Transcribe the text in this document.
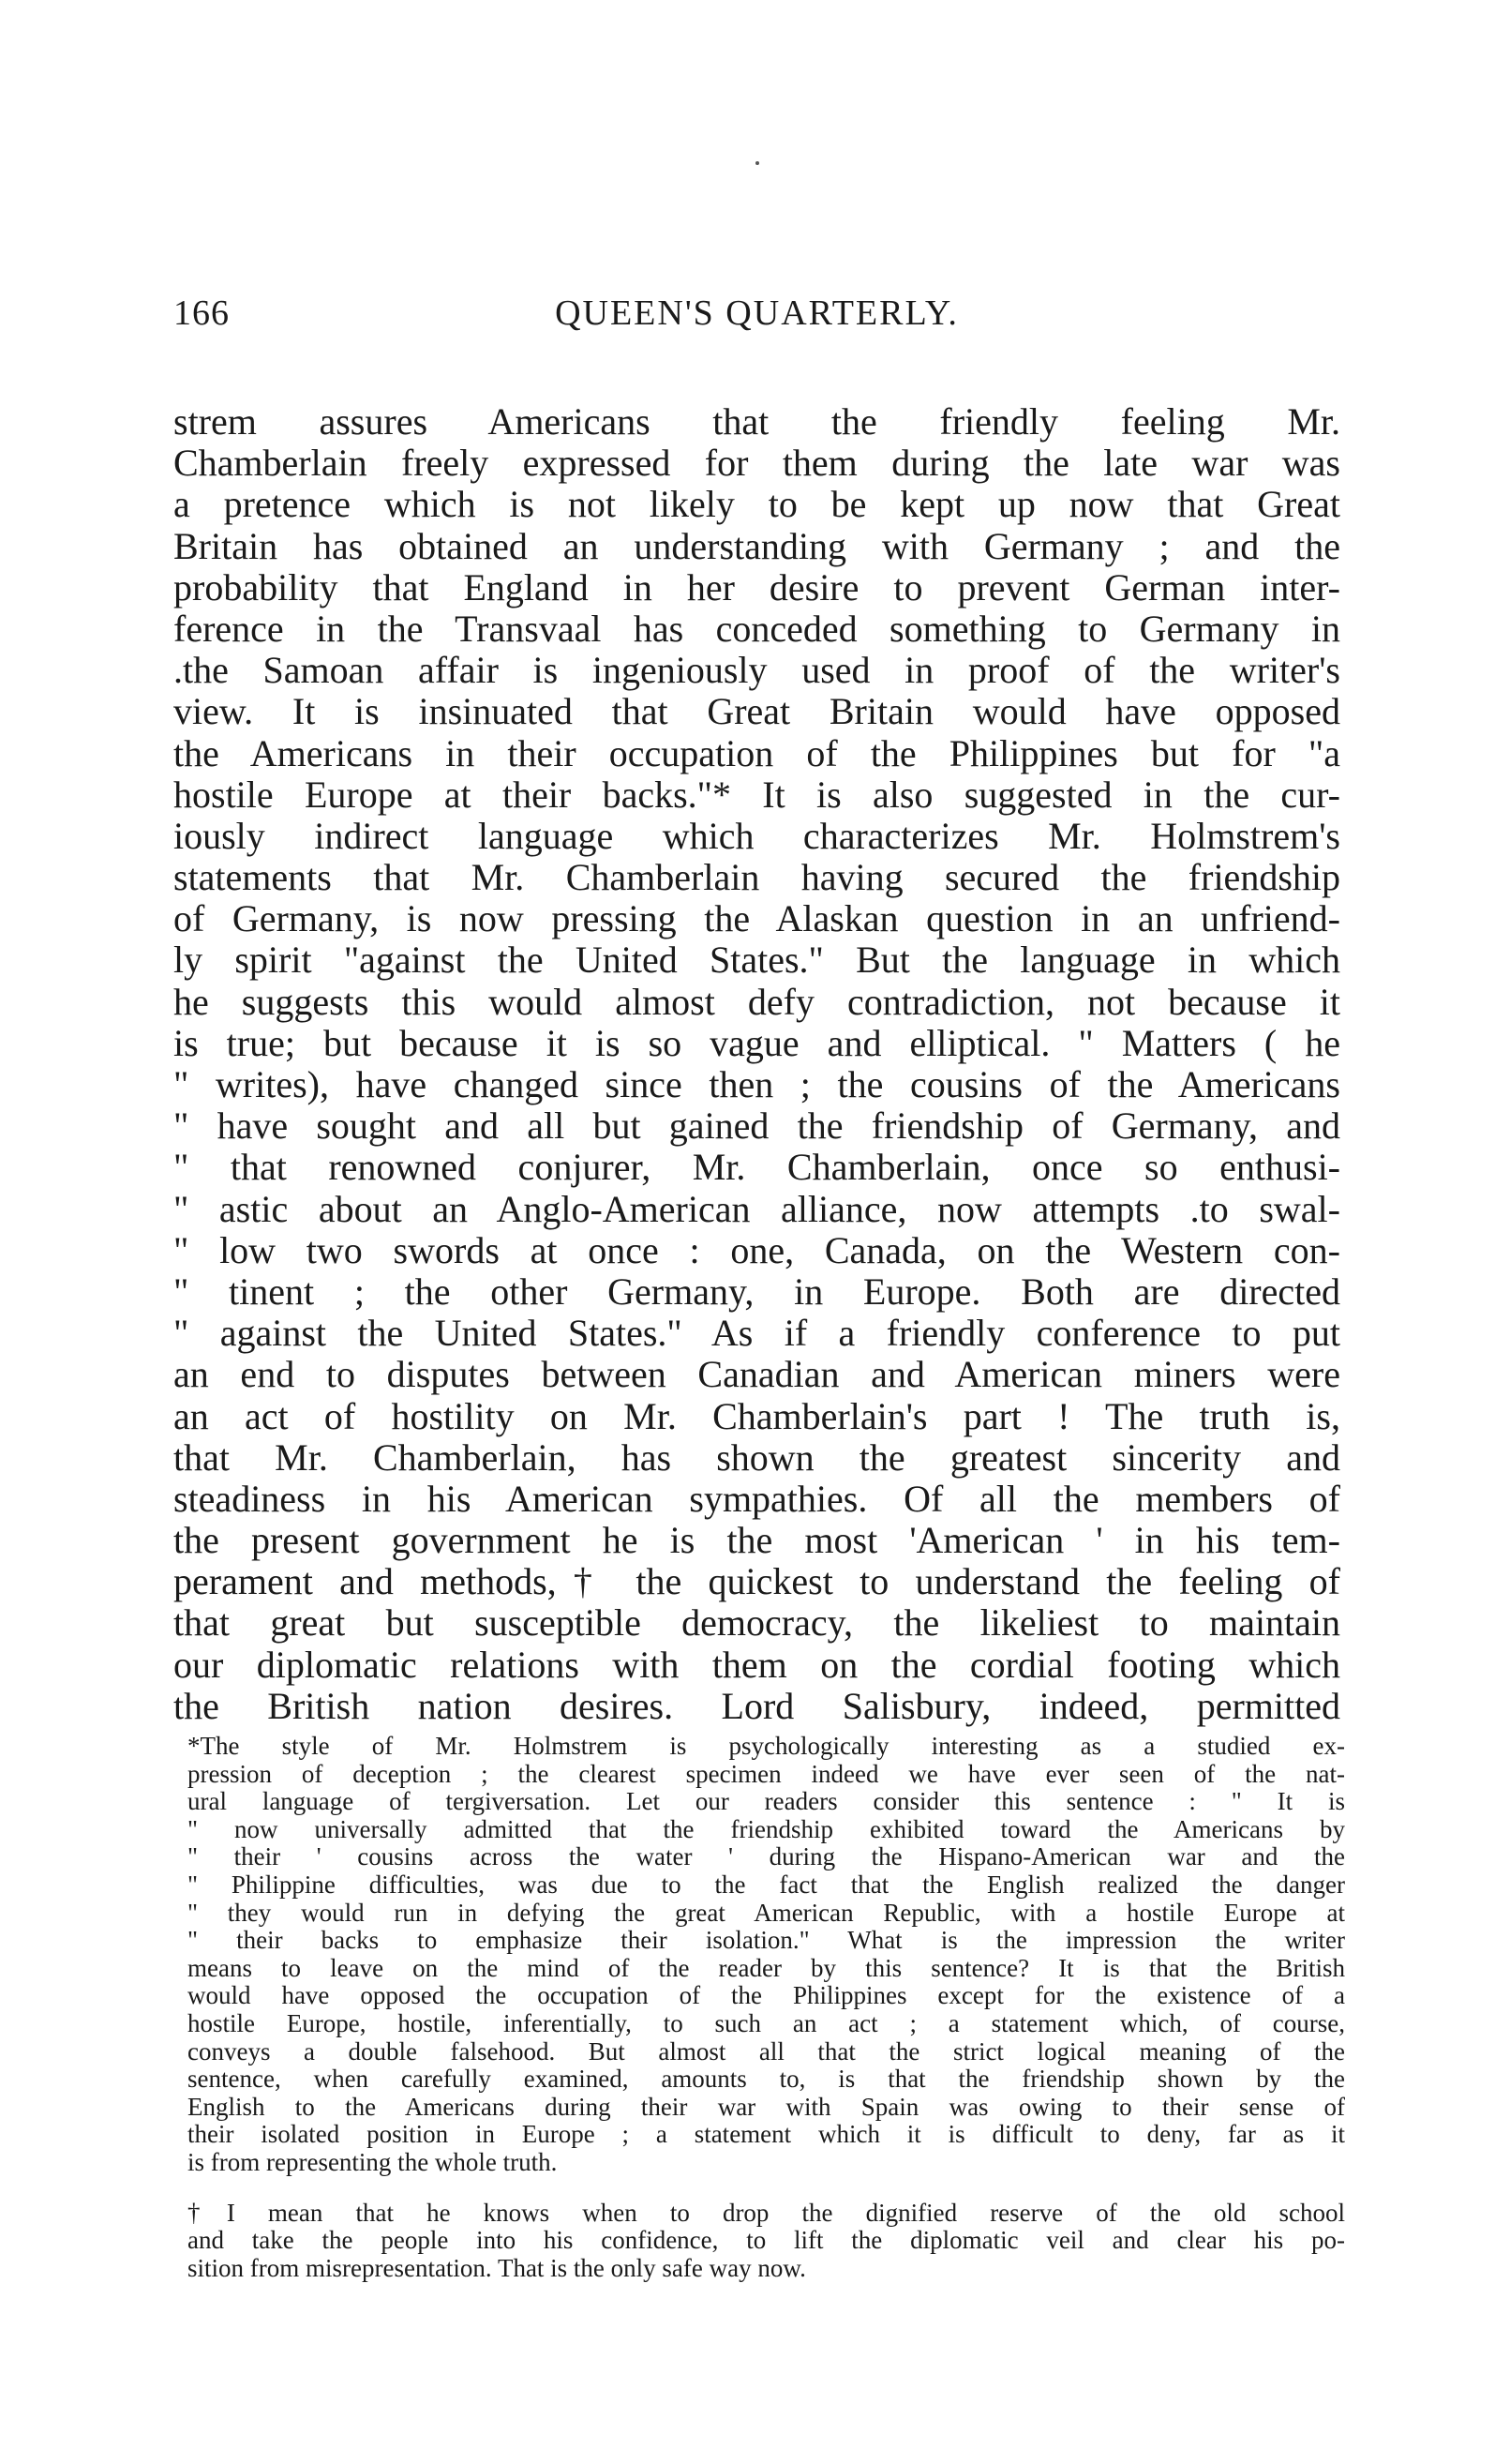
166	QUEEN'S QUARTERLY.
strem assures Americans that the friendly feeling Mr.
Chamberlain freely expressed for them during the late war was
a pretence which is not likely to be kept up now that Great
Britain has obtained an understanding with Germany ; and the
probability that England in her desire to prevent German inter-
ference in the Transvaal has conceded something to Germany in
.the Samoan affair is ingeniously used in proof of the writer's
view. It is insinuated that Great Britain would have opposed
the Americans in their occupation of the Philippines but for "a
hostile Europe at their backs."* It is also suggested in the cur-
iously indirect language which characterizes Mr. Holmstrem's
statements that Mr. Chamberlain having secured the friendship
of Germany, is now pressing the Alaskan question in an unfriend-
ly spirit "against the United States." But the language in which
he suggests this would almost defy contradiction, not because it
is true; but because it is so vague and elliptical. " Matters ( he
" writes), have changed since then ; the cousins of the Americans
" have sought and all but gained the friendship of Germany, and
" that renowned conjurer, Mr. Chamberlain, once so enthusi-
" astic about an Anglo-American alliance, now attempts .to swal-
" low two swords at once : one, Canada, on the Western con-
" tinent ; the other Germany, in Europe. Both are directed
" against the United States." As if a friendly conference to put
an end to disputes between Canadian and American miners were
an act of hostility on Mr. Chamberlain's part ! The truth is,
that Mr. Chamberlain, has shown the greatest sincerity and
steadiness in his American sympathies. Of all the members of
the present government he is the most 'American ' in his tem-
perament and methods,† the quickest to understand the feeling of
that great but susceptible democracy, the likeliest to maintain
our diplomatic relations with them on the cordial footing which
the British nation desires. Lord Salisbury, indeed, permitted
*The style of Mr. Holmstrem is psychologically interesting as a studied ex-
pression of deception ; the clearest specimen indeed we have ever seen of the nat-
ural language of tergiversation. Let our readers consider this sentence : " It is
" now universally admitted that the friendship exhibited toward the Americans by
" their ' cousins across the water ' during the Hispano-American war and the
" Philippine difficulties, was due to the fact that the English realized the danger
" they would run in defying the great American Republic, with a hostile Europe at
" their backs to emphasize their isolation." What is the impression the writer
means to leave on the mind of the reader by this sentence? It is that the British
would have opposed the occupation of the Philippines except for the existence of a
hostile Europe, hostile, inferentially, to such an act ; a statement which, of course,
conveys a double falsehood. But almost all that the strict logical meaning of the
sentence, when carefully examined, amounts to, is that the friendship shown by the
English to the Americans during their war with Spain was owing to their sense of
their isolated position in Europe ; a statement which it is difficult to deny, far as it
is from representing the whole truth.
†I mean that he knows when to drop the dignified reserve of the old school
and take the people into his confidence, to lift the diplomatic veil and clear his po-
sition from misrepresentation. That is the only safe way now.
